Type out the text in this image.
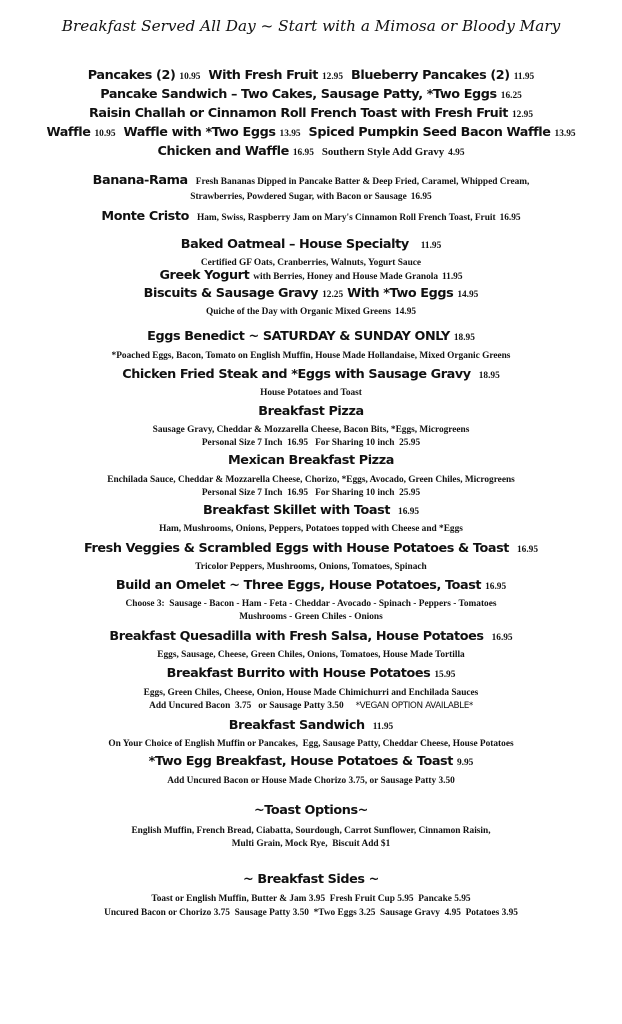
Breakfast Served All Day ~ Start with a Mimosa or Bloody Mary
Pancakes (2) 10.95 With Fresh Fruit 12.95 Blueberry Pancakes (2) 11.95
Pancake Sandwich – Two Cakes, Sausage Patty, *Two Eggs 16.25
Raisin Challah or Cinnamon Roll French Toast with Fresh Fruit 12.95
Waffle 10.95 Waffle with *Two Eggs 13.95 Spiced Pumpkin Seed Bacon Waffle 13.95
Chicken and Waffle 16.95 Southern Style Add Gravy 4.95
Banana-Rama Fresh Bananas Dipped in Pancake Batter & Deep Fried, Caramel, Whipped Cream,
Strawberries, Powdered Sugar, with Bacon or Sausage 16.95
Monte Cristo Ham, Swiss, Raspberry Jam on Mary's Cinnamon Roll French Toast, Fruit 16.95
Baked Oatmeal – House Specialty 11.95
Certified GF Oats, Cranberries, Walnuts, Yogurt Sauce
Greek Yogurt with Berries, Honey and House Made Granola 11.95
Biscuits & Sausage Gravy 12.25 With *Two Eggs 14.95
Quiche of the Day with Organic Mixed Greens 14.95
Eggs Benedict ~ SATURDAY & SUNDAY ONLY 18.95
*Poached Eggs, Bacon, Tomato on English Muffin, House Made Hollandaise, Mixed Organic Greens
Chicken Fried Steak and *Eggs with Sausage Gravy 18.95
House Potatoes and Toast
Breakfast Pizza
Sausage Gravy, Cheddar & Mozzarella Cheese, Bacon Bits, *Eggs, Microgreens
Personal Size 7 Inch  16.95   For Sharing 10 inch  25.95
Mexican Breakfast Pizza
Enchilada Sauce, Cheddar & Mozzarella Cheese, Chorizo, *Eggs, Avocado, Green Chiles, Microgreens
Personal Size 7 Inch  16.95   For Sharing 10 inch  25.95
Breakfast Skillet with Toast 16.95
Ham, Mushrooms, Onions, Peppers, Potatoes topped with Cheese and *Eggs
Fresh Veggies & Scrambled Eggs with House Potatoes & Toast 16.95
Tricolor Peppers, Mushrooms, Onions, Tomatoes, Spinach
Build an Omelet ~ Three Eggs, House Potatoes, Toast 16.95
Choose 3:  Sausage - Bacon - Ham - Feta - Cheddar - Avocado - Spinach - Peppers - Tomatoes
Mushrooms - Green Chiles - Onions
Breakfast Quesadilla with Fresh Salsa, House Potatoes 16.95
Eggs, Sausage, Cheese, Green Chiles, Onions, Tomatoes, House Made Tortilla
Breakfast Burrito with House Potatoes 15.95
Eggs, Green Chiles, Cheese, Onion, House Made Chimichurri and Enchilada Sauces
Add Uncured Bacon  3.75   or Sausage Patty 3.50 *VEGAN OPTION AVAILABLE*
Breakfast Sandwich 11.95
On Your Choice of English Muffin or Pancakes,  Egg, Sausage Patty, Cheddar Cheese, House Potatoes
*Two Egg Breakfast, House Potatoes & Toast 9.95
Add Uncured Bacon or House Made Chorizo 3.75, or Sausage Patty 3.50
~Toast Options~
English Muffin, French Bread, Ciabatta, Sourdough, Carrot Sunflower, Cinnamon Raisin,
Multi Grain, Mock Rye,  Biscuit Add $1
~ Breakfast Sides ~
Toast or English Muffin, Butter & Jam 3.95  Fresh Fruit Cup 5.95  Pancake 5.95
Uncured Bacon or Chorizo 3.75  Sausage Patty 3.50  *Two Eggs 3.25  Sausage Gravy  4.95  Potatoes 3.95
